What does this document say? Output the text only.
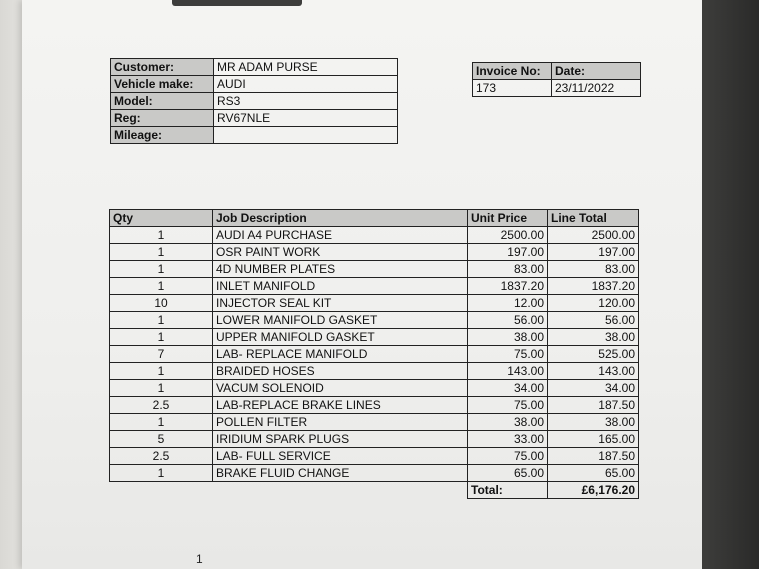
Customer:	MR ADAM PURSE
Vehicle make:	AUDI
Model:	RS3
Reg:	RV67NLE
Mileage:	
Invoice No:	Date:
173	23/11/2022
Qty	Job Description	Unit Price	Line Total
1	AUDI A4 PURCHASE	2500.00	2500.00
1	OSR PAINT WORK	197.00	197.00
1	4D NUMBER PLATES	83.00	83.00
1	INLET MANIFOLD	1837.20	1837.20
10	INJECTOR SEAL KIT	12.00	120.00
1	LOWER MANIFOLD GASKET	56.00	56.00
1	UPPER MANIFOLD GASKET	38.00	38.00
7	LAB- REPLACE MANIFOLD	75.00	525.00
1	BRAIDED HOSES	143.00	143.00
1	VACUM SOLENOID	34.00	34.00
2.5	LAB-REPLACE BRAKE LINES	75.00	187.50
1	POLLEN FILTER	38.00	38.00
5	IRIDIUM SPARK PLUGS	33.00	165.00
2.5	LAB- FULL SERVICE	75.00	187.50
1	BRAKE FLUID CHANGE	65.00	65.00
		Total:	£6,176.20
1
